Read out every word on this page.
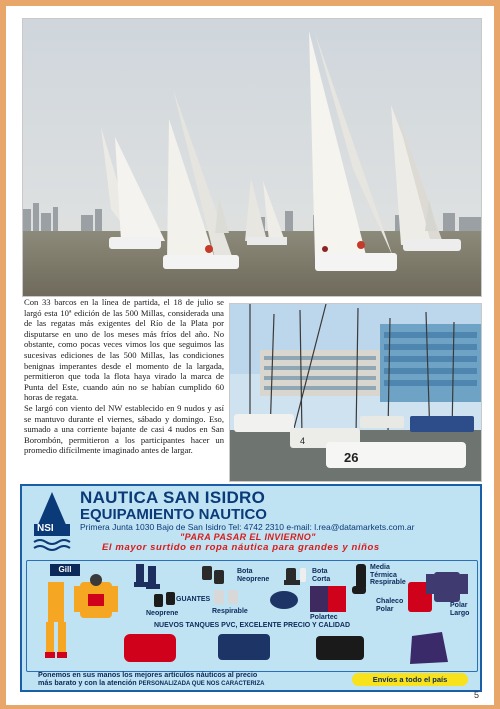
26
4

Con 33 barcos en la línea de partida, el 18 de julio se largó esta 10ª edición de las 500 Millas, considerada una de las regatas más exigentes del Río de la Plata por disputarse en uno de los meses más fríos del año. No obstante, como pocas veces vimos los que seguimos las sucesivas ediciones de las 500 Millas, las condiciones benignas imperantes desde el momento de la largada, permitieron que toda la flota haya virado la marca de Punta del Este, cuando aún no se habían cumplido 60 horas de regata.

Se largó con viento del NW establecido en 9 nudos y así se mantuvo durante el viernes, sábado y domingo. Eso, sumado a una corriente bajante de casi 4 nudos en San Borombón, permitieron a los participantes hacer un promedio difícilmente imaginado antes de largar.

NSI
NAUTICA SAN ISIDRO
EQUIPAMIENTO NAUTICO
Primera Junta 1030 Bajo de San Isidro Tel: 4742 2310 e-mail: l.rea@datamarkets.com.ar
"PARA PASAR EL INVIERNO"
El mayor surtido en ropa náutica para grandes y niños
Gill	Bota
Neoprene
Bota
Corta
Media
Térmica
Respirable
GUANTES
Neoprene	Respirable
Polartec
Chaleco
Polar	Polar
Largo
NUEVOS TANQUES PVC, EXCELENTE PRECIO Y CALIDAD
Ponemos en sus manos los mejores artículos náuticos al precio
más barato y con la atención PERSONALIZADA QUE NOS CARACTERIZA	Envíos a todo el país
5
